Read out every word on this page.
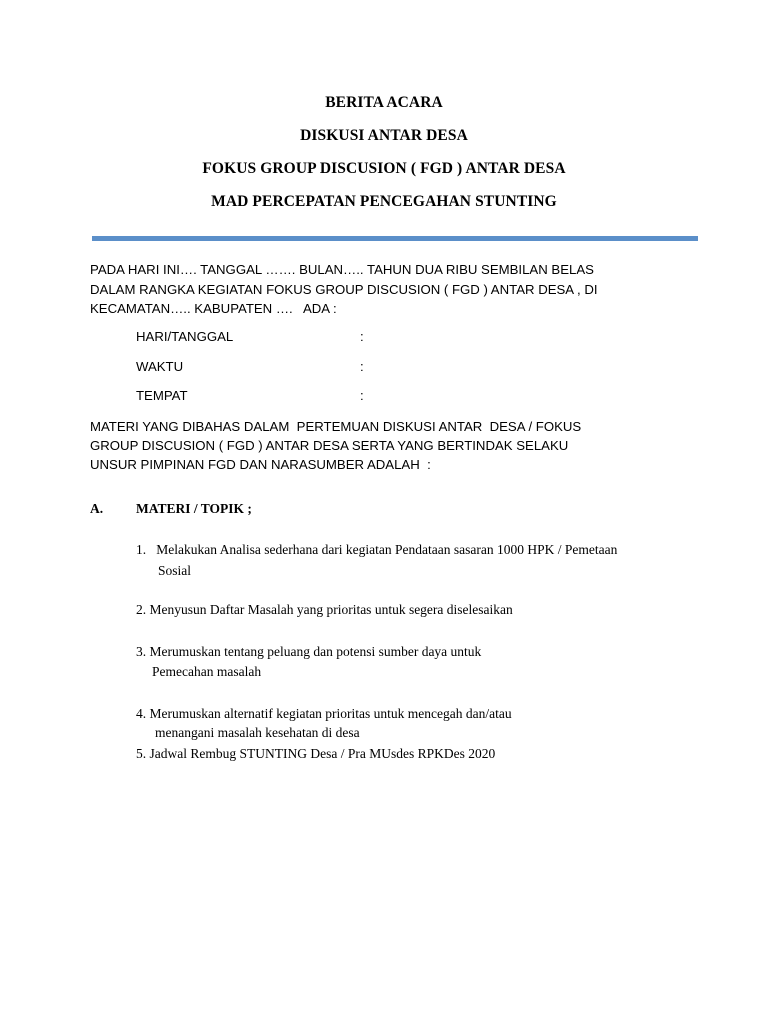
BERITA ACARA
DISKUSI ANTAR DESA
FOKUS GROUP DISCUSION ( FGD ) ANTAR DESA
MAD PERCEPATAN PENCEGAHAN STUNTING
PADA HARI INI…. TANGGAL ……. BULAN….. TAHUN DUA RIBU SEMBILAN BELAS
DALAM RANGKA KEGIATAN FOKUS GROUP DISCUSION ( FGD ) ANTAR DESA , DI
KECAMATAN….. KABUPATEN ….   ADA :
HARI/TANGGAL	:
WAKTU	:
TEMPAT	:
MATERI YANG DIBAHAS DALAM  PERTEMUAN DISKUSI ANTAR  DESA / FOKUS
GROUP DISCUSION ( FGD ) ANTAR DESA SERTA YANG BERTINDAK SELAKU
UNSUR PIMPINAN FGD DAN NARASUMBER ADALAH  :
A. MATERI / TOPIK ;
1.   Melakukan Analisa sederhana dari kegiatan Pendataan sasaran 1000 HPK / Pemetaan
Sosial
2. Menyusun Daftar Masalah yang prioritas untuk segera diselesaikan
3. Merumuskan tentang peluang dan potensi sumber daya untuk
Pemecahan masalah
4. Merumuskan alternatif kegiatan prioritas untuk mencegah dan/atau
menangani masalah kesehatan di desa
5. Jadwal Rembug STUNTING Desa / Pra MUsdes RPKDes 2020
